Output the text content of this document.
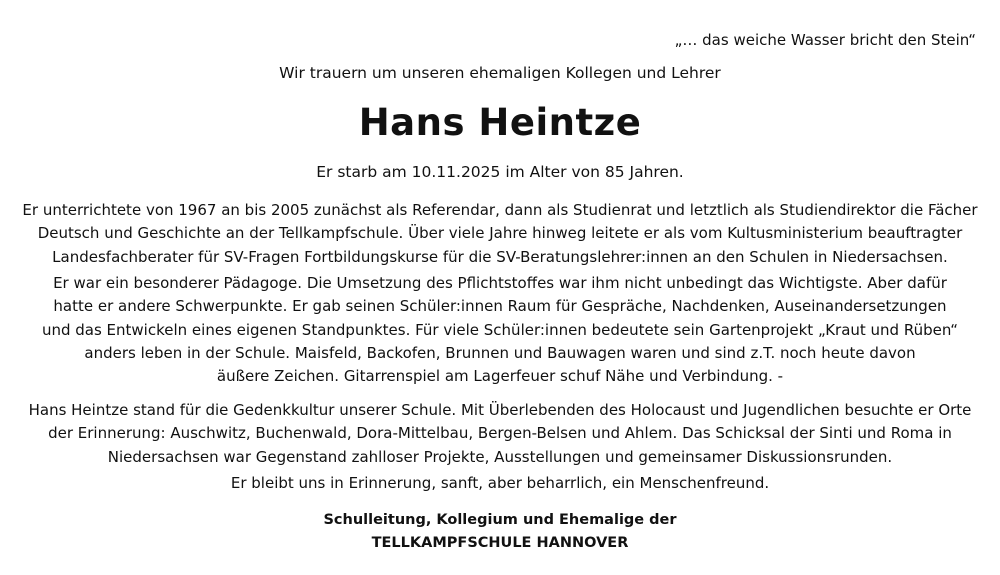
„… das weiche Wasser bricht den Stein“
Wir trauern um unseren ehemaligen Kollegen und Lehrer
Hans Heintze
Er starb am 10.11.2025 im Alter von 85 Jahren.
Er unterrichtete von 1967 an bis 2005 zunächst als Referendar, dann als Studienrat und letztlich als Studiendirektor die Fächer
Deutsch und Geschichte an der Tellkampfschule. Über viele Jahre hinweg leitete er als vom Kultusministerium beauftragter
Landesfachberater für SV-Fragen Fortbildungskurse für die SV-Beratungslehrer:innen an den Schulen in Niedersachsen.
Er war ein besonderer Pädagoge. Die Umsetzung des Pflichtstoffes war ihm nicht unbedingt das Wichtigste. Aber dafür
hatte er andere Schwerpunkte. Er gab seinen Schüler:innen Raum für Gespräche, Nachdenken, Auseinandersetzungen
und das Entwickeln eines eigenen Standpunktes. Für viele Schüler:innen bedeutete sein Gartenprojekt „Kraut und Rüben“
anders leben in der Schule. Maisfeld, Backofen, Brunnen und Bauwagen waren und sind z.T. noch heute davon
äußere Zeichen. Gitarrenspiel am Lagerfeuer schuf Nähe und Verbindung. -
Hans Heintze stand für die Gedenkkultur unserer Schule. Mit Überlebenden des Holocaust und Jugendlichen besuchte er Orte
der Erinnerung: Auschwitz, Buchenwald, Dora-Mittelbau, Bergen-Belsen und Ahlem. Das Schicksal der Sinti und Roma in
Niedersachsen war Gegenstand zahlloser Projekte, Ausstellungen und gemeinsamer Diskussionsrunden.
Er bleibt uns in Erinnerung, sanft, aber beharrlich, ein Menschenfreund.
Schulleitung, Kollegium und Ehemalige der
TELLKAMPFSCHULE HANNOVER
